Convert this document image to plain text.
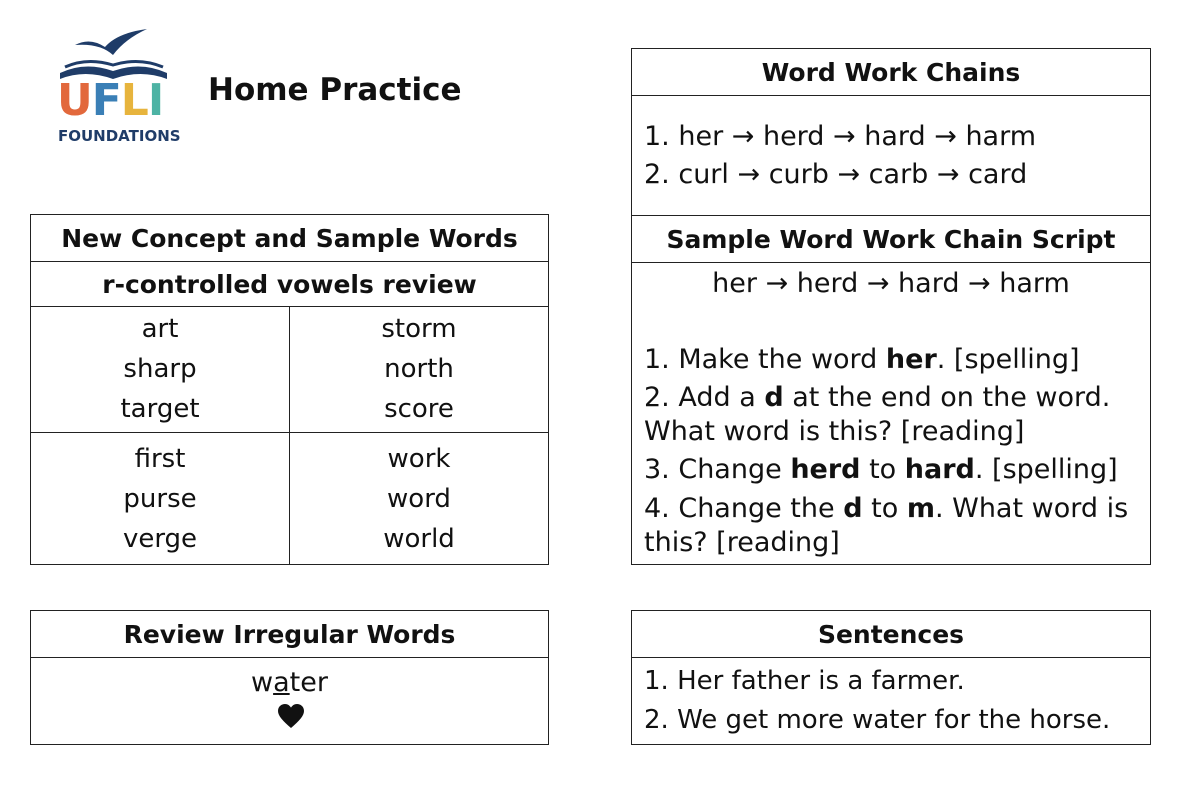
UFLI
FOUNDATIONS
Home Practice
New Concept and Sample Words
r-controlled vowels review
art
sharp
target
storm
north
score
first
purse
verge
work
word
world
Review Irregular Words
water
Word Work Chains
1. her → herd → hard → harm
2. curl → curb → carb → card
Sample Word Work Chain Script
her → herd → hard → harm
1. Make the word her. [spelling]
2. Add a d at the end on the word.
What word is this? [reading]
3. Change herd to hard. [spelling]
4. Change the d to m. What word is
this? [reading]
Sentences
1. Her father is a farmer.
2. We get more water for the horse.
